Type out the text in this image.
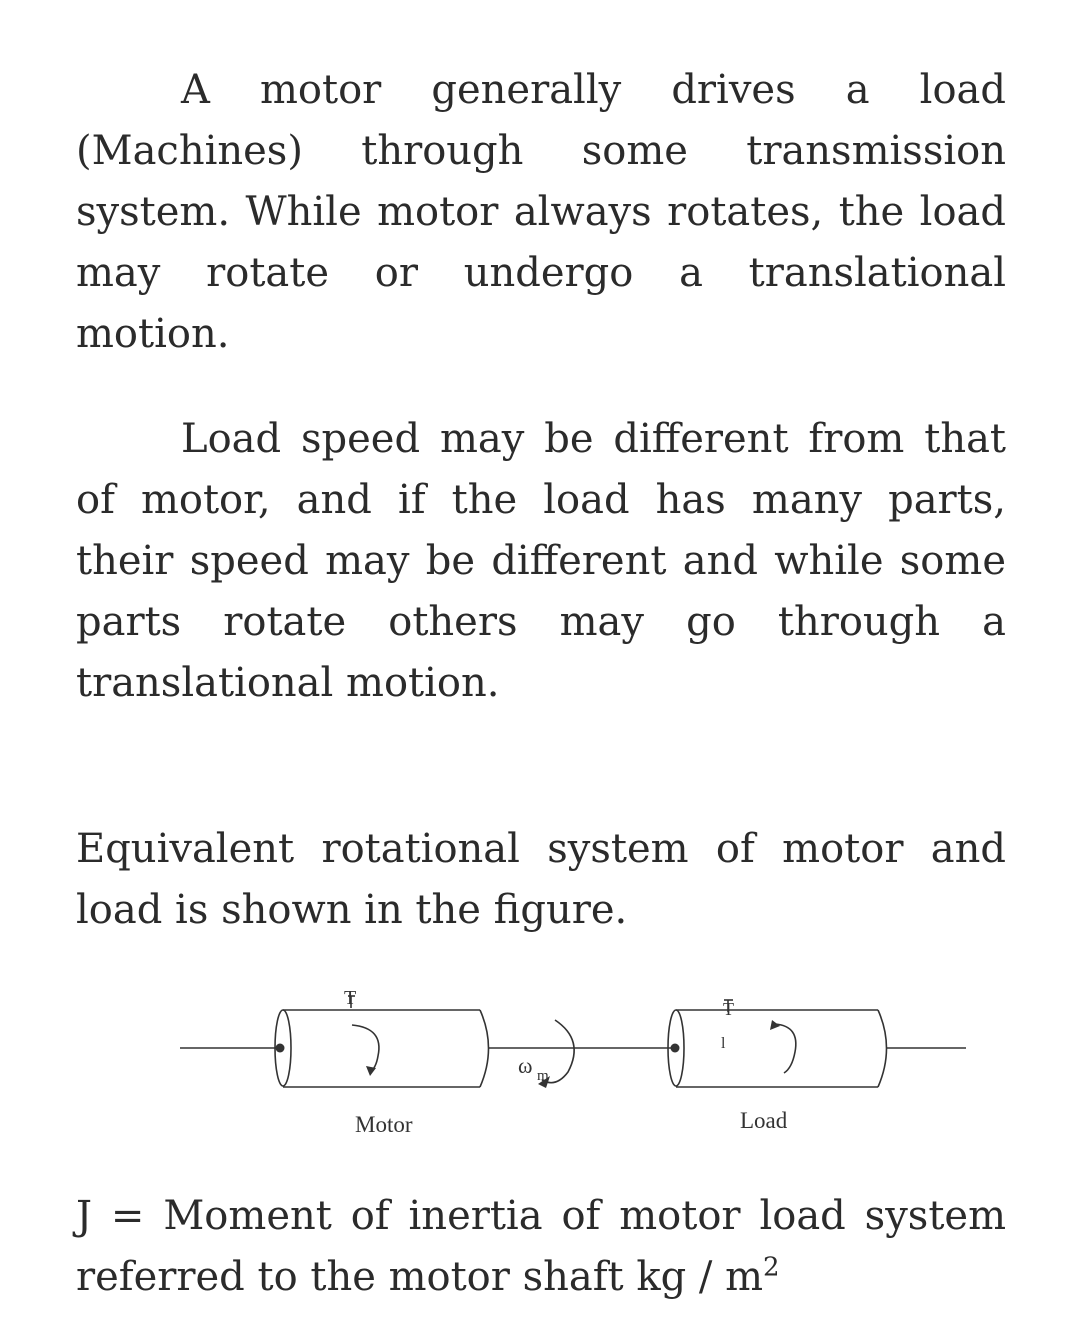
A motor generally drives a load (Machines) through some transmission system. While motor always rotates, the load may rotate or undergo a translational motion.

Load speed may be different from that of motor, and if the load has many parts, their speed may be different and while some parts rotate others may go through a translational motion.

Equivalent rotational system of motor and load is shown in the figure.

T	T
l
ω m
Motor	Load

J = Moment of inertia of motor load system referred to the motor shaft kg / $m^2$
